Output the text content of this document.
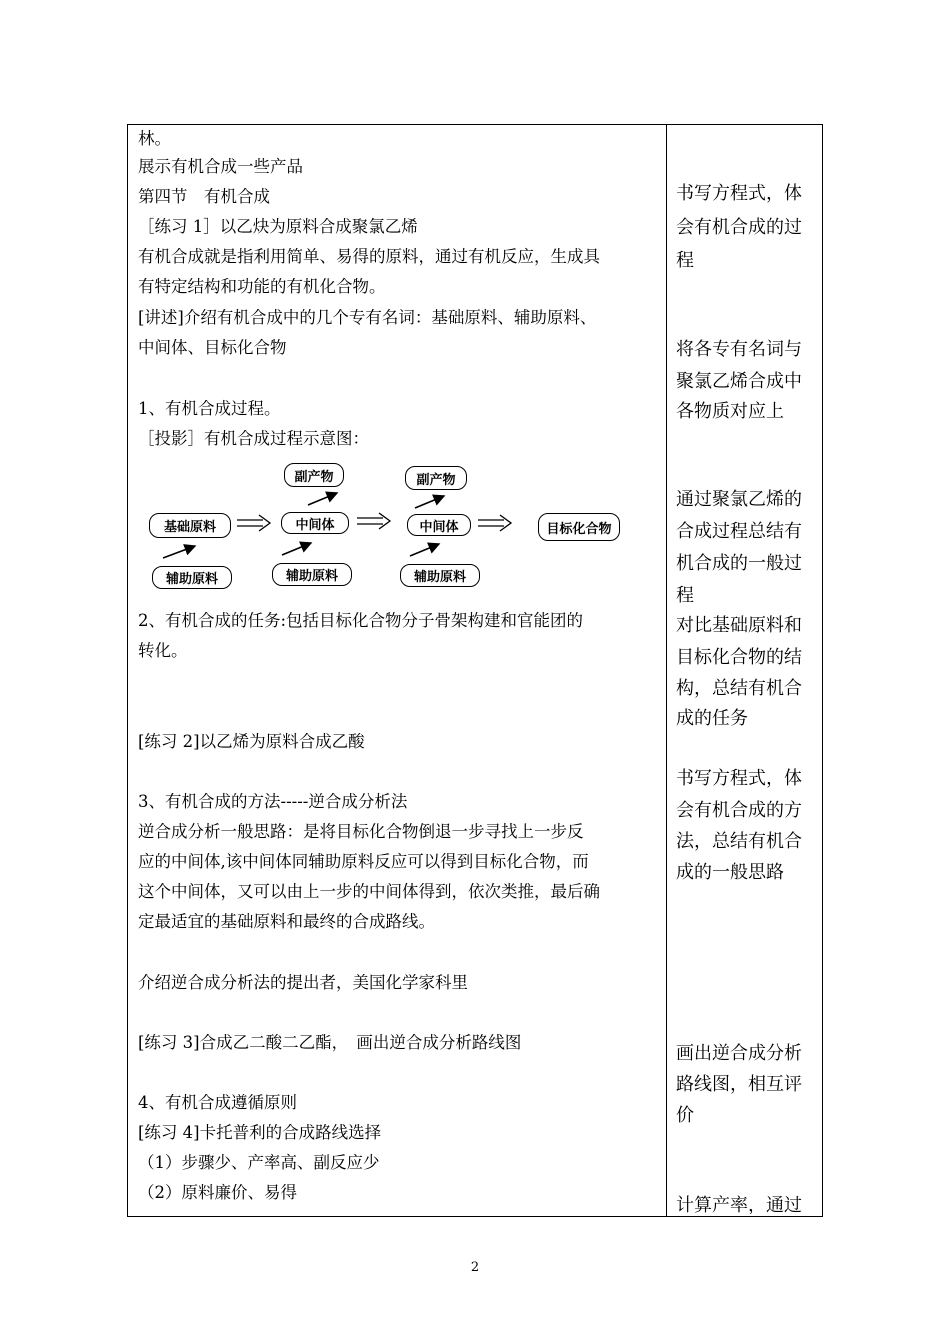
林。
展示有机合成一些产品
第四节　有机合成
［练习 1］以乙炔为原料合成聚氯乙烯
有机合成就是指利用简单、易得的原料，通过有机反应，生成具
有特定结构和功能的有机化合物。
[讲述]介绍有机合成中的几个专有名词：基础原料、辅助原料、
中间体、目标化合物
1、有机合成过程。
［投影］有机合成过程示意图：
2、有机合成的任务:包括目标化合物分子骨架构建和官能团的
转化。
[练习 2]以乙烯为原料合成乙酸
3、有机合成的方法-----逆合成分析法
逆合成分析一般思路：是将目标化合物倒退一步寻找上一步反
应的中间体,该中间体同辅助原料反应可以得到目标化合物，而
这个中间体，又可以由上一步的中间体得到，依次类推，最后确
定最适宜的基础原料和最终的合成路线。
介绍逆合成分析法的提出者，美国化学家科里
[练习 3]合成乙二酸二乙酯，　画出逆合成分析路线图
4、有机合成遵循原则
[练习 4]卡托普利的合成路线选择
（1）步骤少、产率高、副反应少
（2）原料廉价、易得
书写方程式，体
会有机合成的过
程
将各专有名词与
聚氯乙烯合成中
各物质对应上
通过聚氯乙烯的
合成过程总结有
机合成的一般过
程
对比基础原料和
目标化合物的结
构，总结有机合
成的任务
书写方程式，体
会有机合成的方
法，总结有机合
成的一般思路
画出逆合成分析
路线图，相互评
价
计算产率，通过
基础原料
辅助原料
中间体
副产物
辅助原料
中间体
副产物
辅助原料
目标化合物
2
